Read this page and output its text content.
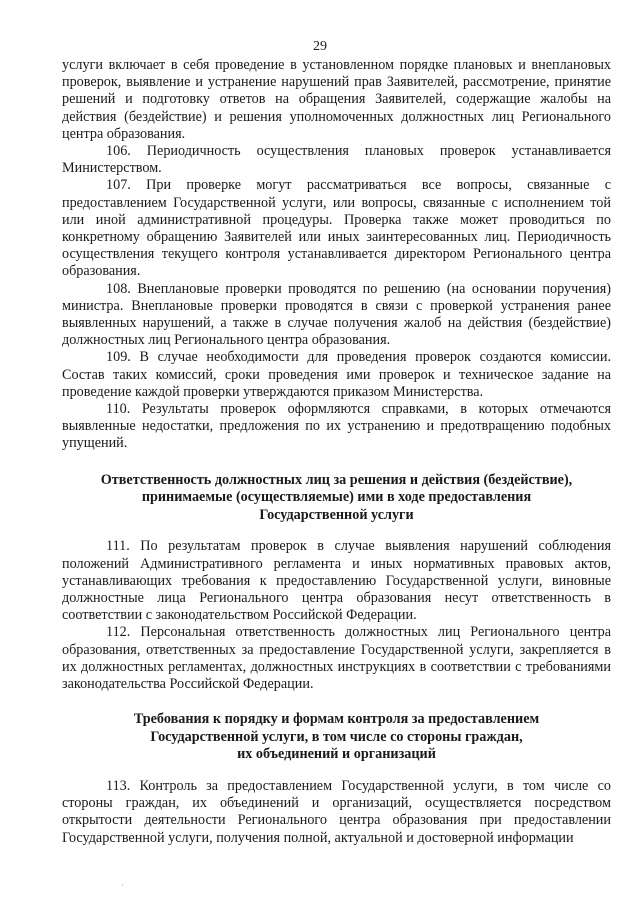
29

услуги включает в себя проведение в установленном порядке плановых и внеплановых проверок, выявление и устранение нарушений прав Заявителей, рассмотрение, принятие решений и подготовку ответов на обращения Заявителей, содержащие жалобы на действия (бездействие) и решения уполномоченных должностных лиц Регионального центра образования.

106. Периодичность осуществления плановых проверок устанавливается Министерством.

107. При проверке могут рассматриваться все вопросы, связанные с предоставлением Государственной услуги, или вопросы, связанные с исполнением той или иной административной процедуры. Проверка также может проводиться по конкретному обращению Заявителей или иных заинтересованных лиц. Периодичность осуществления текущего контроля устанавливается директором Регионального центра образования.

108. Внеплановые проверки проводятся по решению (на основании поручения) министра. Внеплановые проверки проводятся в связи с проверкой устранения ранее выявленных нарушений, а также в случае получения жалоб на действия (бездействие) должностных лиц Регионального центра образования.

109. В случае необходимости для проведения проверок создаются комиссии. Состав таких комиссий, сроки проведения ими проверок и техническое задание на проведение каждой проверки утверждаются приказом Министерства.

110. Результаты проверок оформляются справками, в которых отмечаются выявленные недостатки, предложения по их устранению и предотвращению подобных упущений.

Ответственность должностных лиц за решения и действия (бездействие),
принимаемые (осуществляемые) ими в ходе предоставления
Государственной услуги

111. По результатам проверок в случае выявления нарушений соблюдения положений Административного регламента и иных нормативных правовых актов, устанавливающих требования к предоставлению Государственной услуги, виновные должностные лица Регионального центра образования несут ответственность в соответствии с законодательством Российской Федерации.

112. Персональная ответственность должностных лиц Регионального центра образования, ответственных за предоставление Государственной услуги, закрепляется в их должностных регламентах, должностных инструкциях в соответствии с требованиями законодательства Российской Федерации.

Требования к порядку и формам контроля за предоставлением
Государственной услуги, в том числе со стороны граждан,
их объединений и организаций

113. Контроль за предоставлением Государственной услуги, в том числе со стороны граждан, их объединений и организаций, осуществляется посредством открытости деятельности Регионального центра образования при предоставлении Государственной услуги, получения полной, актуальной и достоверной информации

·
